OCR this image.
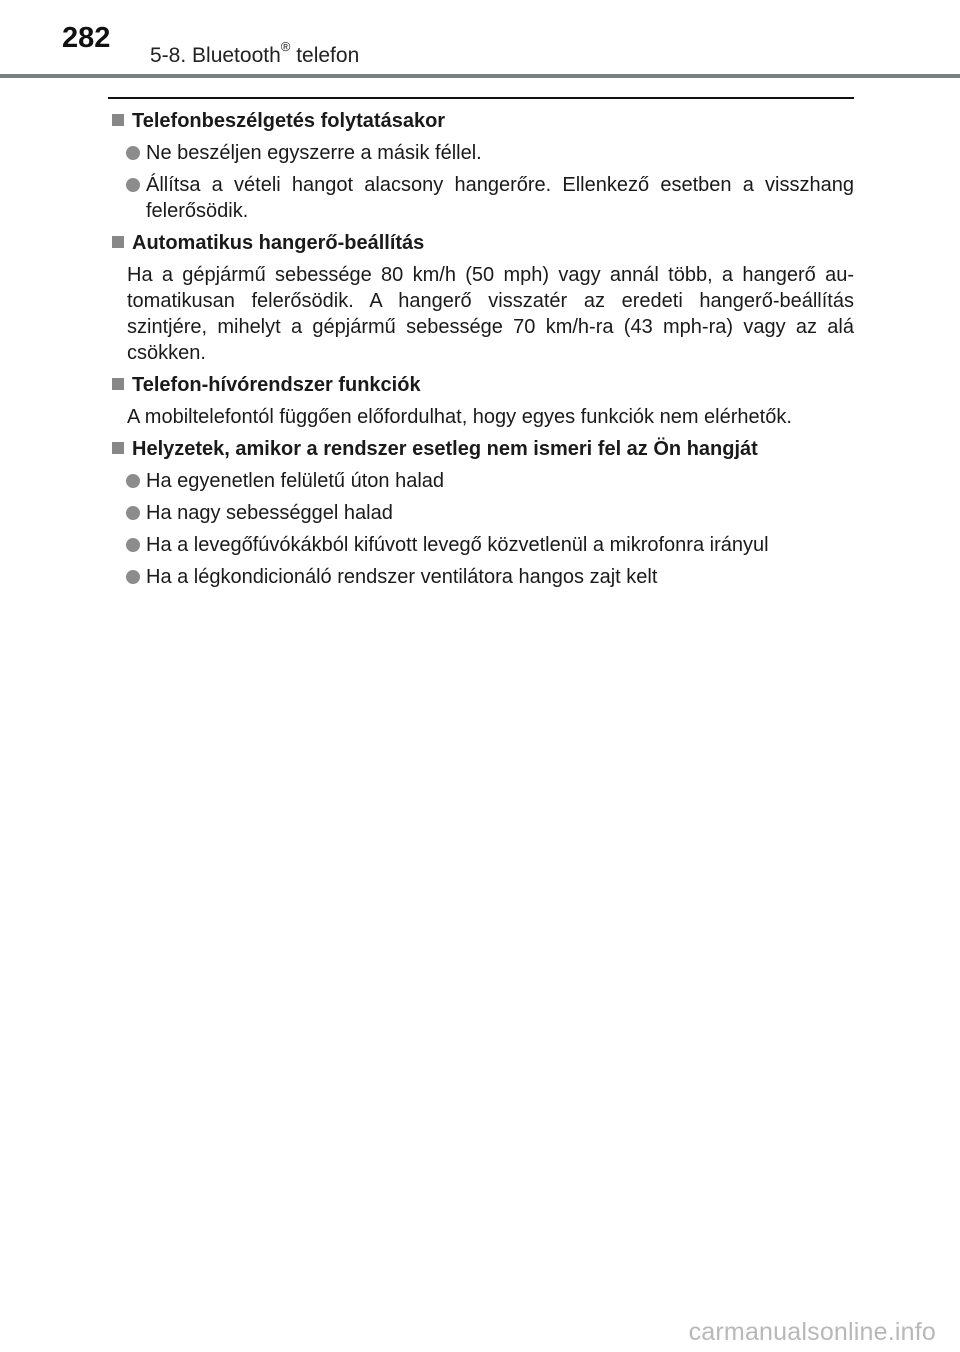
282
5-8. Bluetooth® telefon
Telefonbeszélgetés folytatásakor
Ne beszéljen egyszerre a másik féllel.
Állítsa a vételi hangot alacsony hangerőre. Ellenkező esetben a visszhang felerősödik.
Automatikus hangerő-beállítás
Ha a gépjármű sebessége 80 km/h (50 mph) vagy annál több, a hangerő automatikusan felerősödik. A hangerő visszatér az eredeti hangerő-beállítás szintjére, mihelyt a gépjármű sebessége 70 km/h-ra (43 mph-ra) vagy az alá csökken.
Telefon-hívórendszer funkciók
A mobiltelefontól függően előfordulhat, hogy egyes funkciók nem elérhetők.
Helyzetek, amikor a rendszer esetleg nem ismeri fel az Ön hangját
Ha egyenetlen felületű úton halad
Ha nagy sebességgel halad
Ha a levegőfúvókákból kifúvott levegő közvetlenül a mikrofonra irányul
Ha a légkondicionáló rendszer ventilátora hangos zajt kelt
carmanualsonline.info
